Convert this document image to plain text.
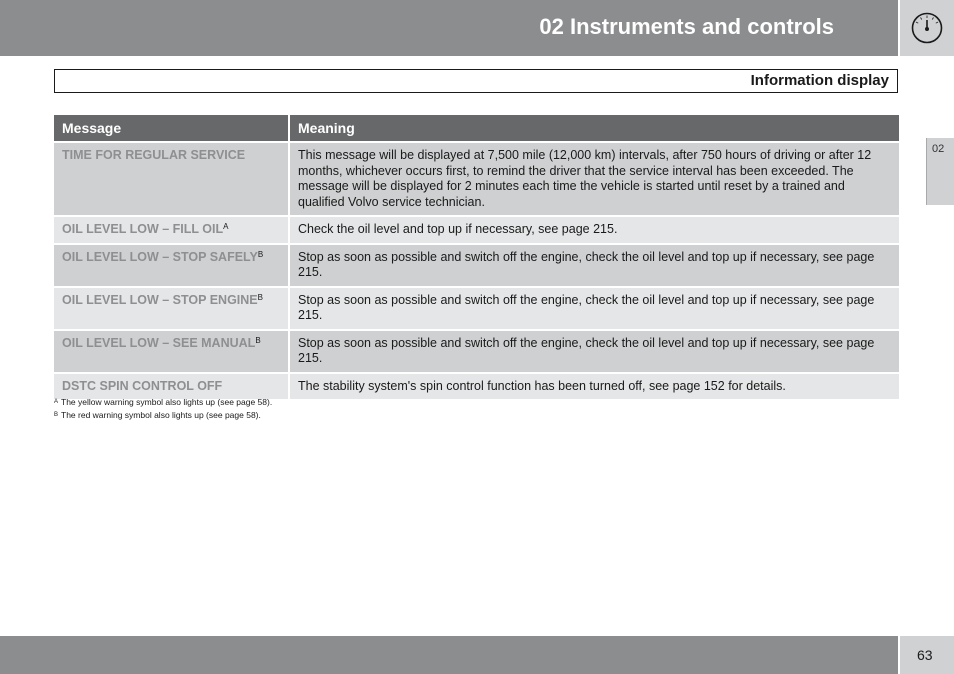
02 Instruments and controls
Information display
02
Message	Meaning
TIME FOR REGULAR SERVICE	This message will be displayed at 7,500 mile (12,000 km) intervals, after 750 hours of driving or after 12 months, whichever occurs first, to remind the driver that the service interval has been exceeded. The message will be displayed for 2 minutes each time the vehicle is started until reset by a trained and qualified Volvo service technician.
OIL LEVEL LOW – FILL $OIL^A$	Check the oil level and top up if necessary, see page 215.
OIL LEVEL LOW – STOP $SAFELY^B$	Stop as soon as possible and switch off the engine, check the oil level and top up if necessary, see page 215.
OIL LEVEL LOW – STOP $ENGINE^B$	Stop as soon as possible and switch off the engine, check the oil level and top up if necessary, see page 215.
OIL LEVEL LOW – SEE $MANUAL^B$	Stop as soon as possible and switch off the engine, check the oil level and top up if necessary, see page 215.
DSTC SPIN CONTROL OFF	The stability system's spin control function has been turned off, see page 152 for details.
$^A$ The yellow warning symbol also lights up (see page 58).
$^B$ The red warning symbol also lights up (see page 58).
63
